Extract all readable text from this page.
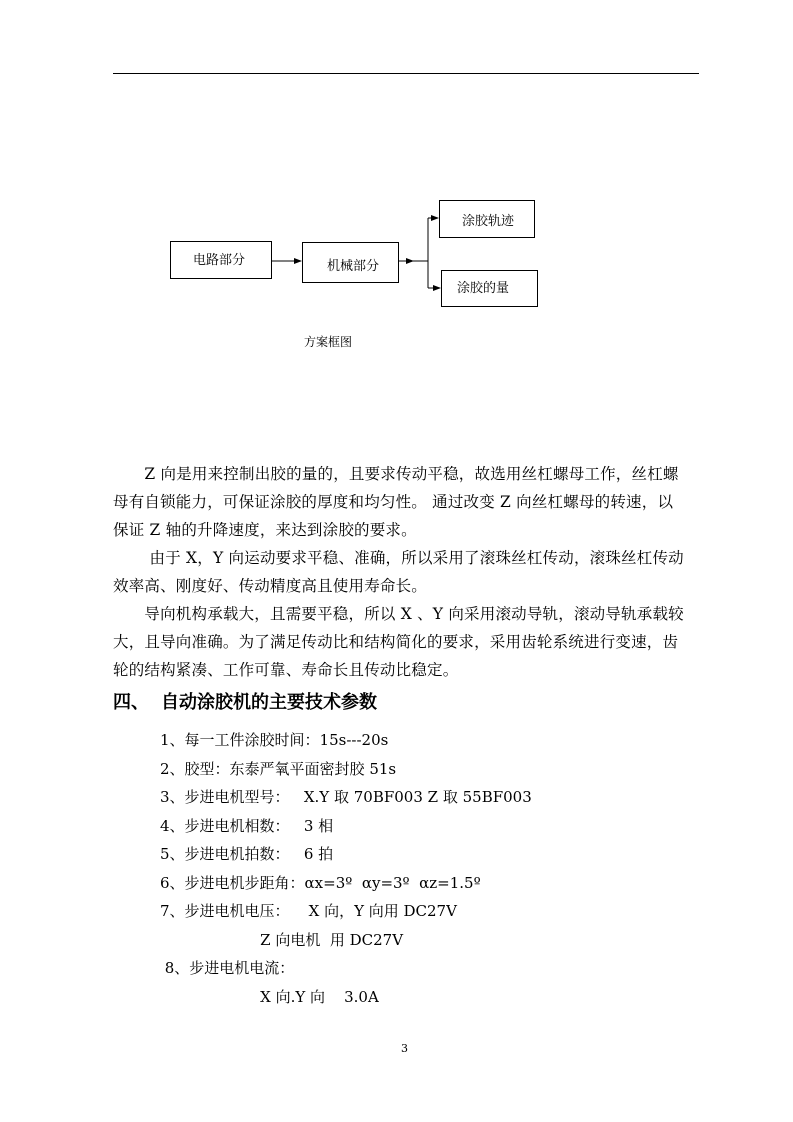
电路部分	机械部分
涂胶轨迹
涂胶的量
方案框图

　　Z 向是用来控制出胶的量的，且要求传动平稳，故选用丝杠螺母工作，丝杠螺

母有自锁能力，可保证涂胶的厚度和均匀性。 通过改变 Z 向丝杠螺母的转速，以

保证 Z 轴的升降速度，来达到涂胶的要求。

　　 由于 X，Y 向运动要求平稳、准确，所以采用了滚珠丝杠传动，滚珠丝杠传动

效率高、刚度好、传动精度高且使用寿命长。

　　导向机构承载大，且需要平稳，所以 X 、Y 向采用滚动导轨，滚动导轨承载较

大，且导向准确。为了满足传动比和结构简化的要求，采用齿轮系统进行变速，齿

轮的结构紧凑、工作可靠、寿命长且传动比稳定。

四、 自动涂胶机的主要技术参数
1、每一工件涂胶时间：15s---20s
2、胶型：东泰严氧平面密封胶 51s
3、步进电机型号：   X.Y 取 70BF003 Z 取 55BF003
4、步进电机相数：   3 相
5、步进电机拍数：   6 拍
6、步进电机步距角：αx=3º  αy=3º  αz=1.5º
7、步进电机电压：    X 向，Y 向用 DC27V
Z 向电机  用 DC27V
8、步进电机电流：
X 向.Y 向    3.0A
3
